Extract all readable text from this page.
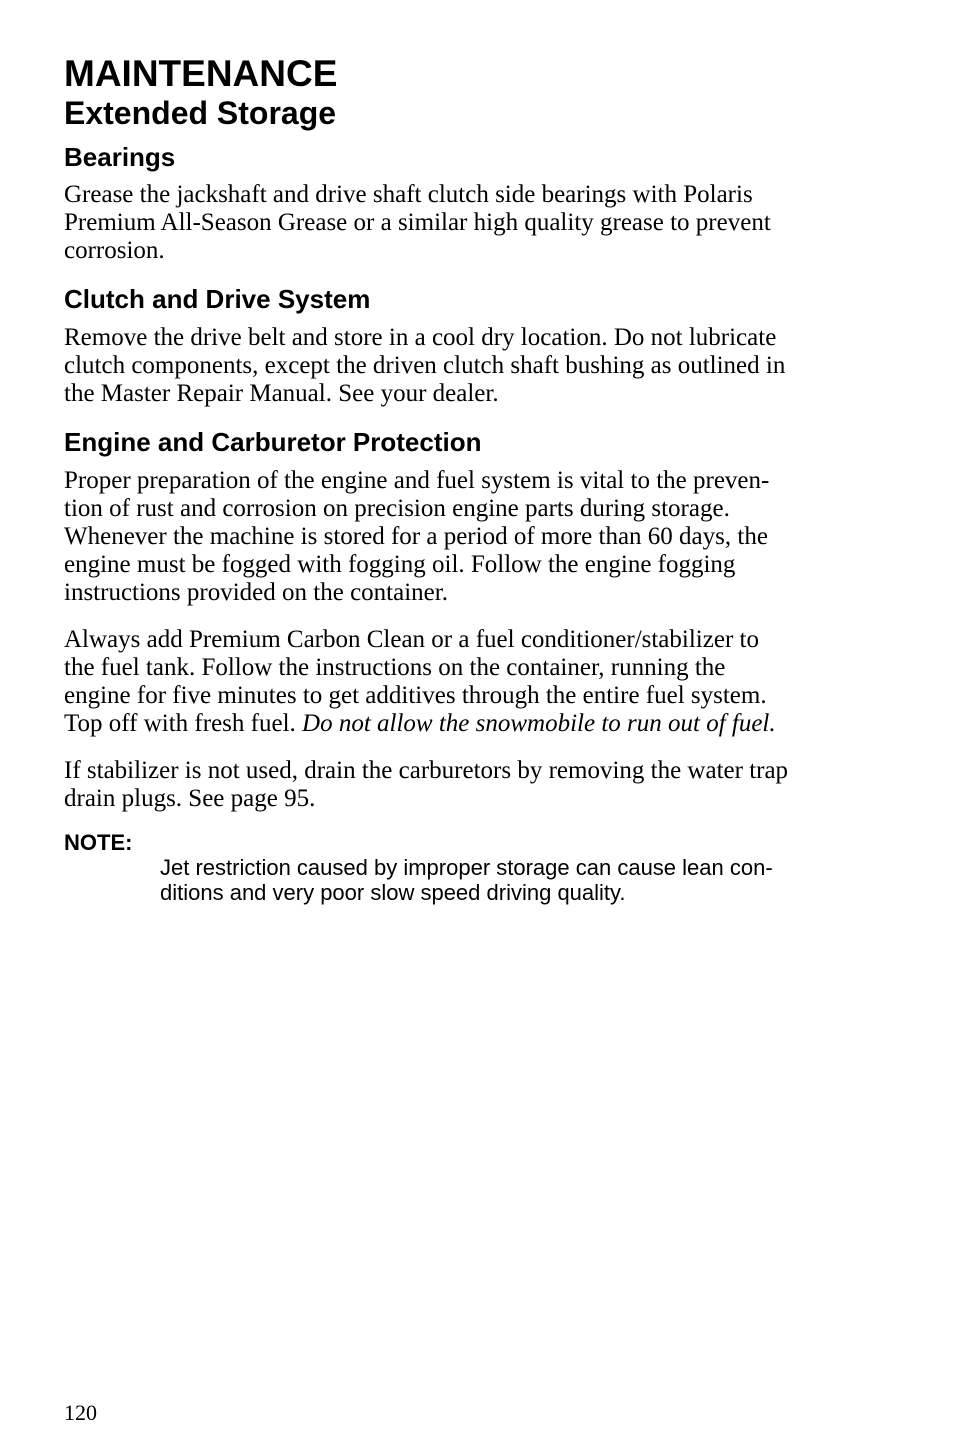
MAINTENANCE
Extended Storage
Bearings

Grease the jackshaft and drive shaft clutch side bearings with Polaris
Premium All-Season Grease or a similar high quality grease to prevent
corrosion.

Clutch and Drive System

Remove the drive belt and store in a cool dry location. Do not lubricate
clutch components, except the driven clutch shaft bushing as outlined in
the Master Repair Manual. See your dealer.

Engine and Carburetor Protection

Proper preparation of the engine and fuel system is vital to the preven-
tion of rust and corrosion on precision engine parts during storage.
Whenever the machine is stored for a period of more than 60 days, the
engine must be fogged with fogging oil. Follow the engine fogging
instructions provided on the container.

Always add Premium Carbon Clean or a fuel conditioner/stabilizer to
the fuel tank. Follow the instructions on the container, running the
engine for five minutes to get additives through the entire fuel system.
Top off with fresh fuel. Do not allow the snowmobile to run out of fuel.

If stabilizer is not used, drain the carburetors by removing the water trap
drain plugs. See page 95.

NOTE:
Jet restriction caused by improper storage can cause lean con-
ditions and very poor slow speed driving quality.

120
